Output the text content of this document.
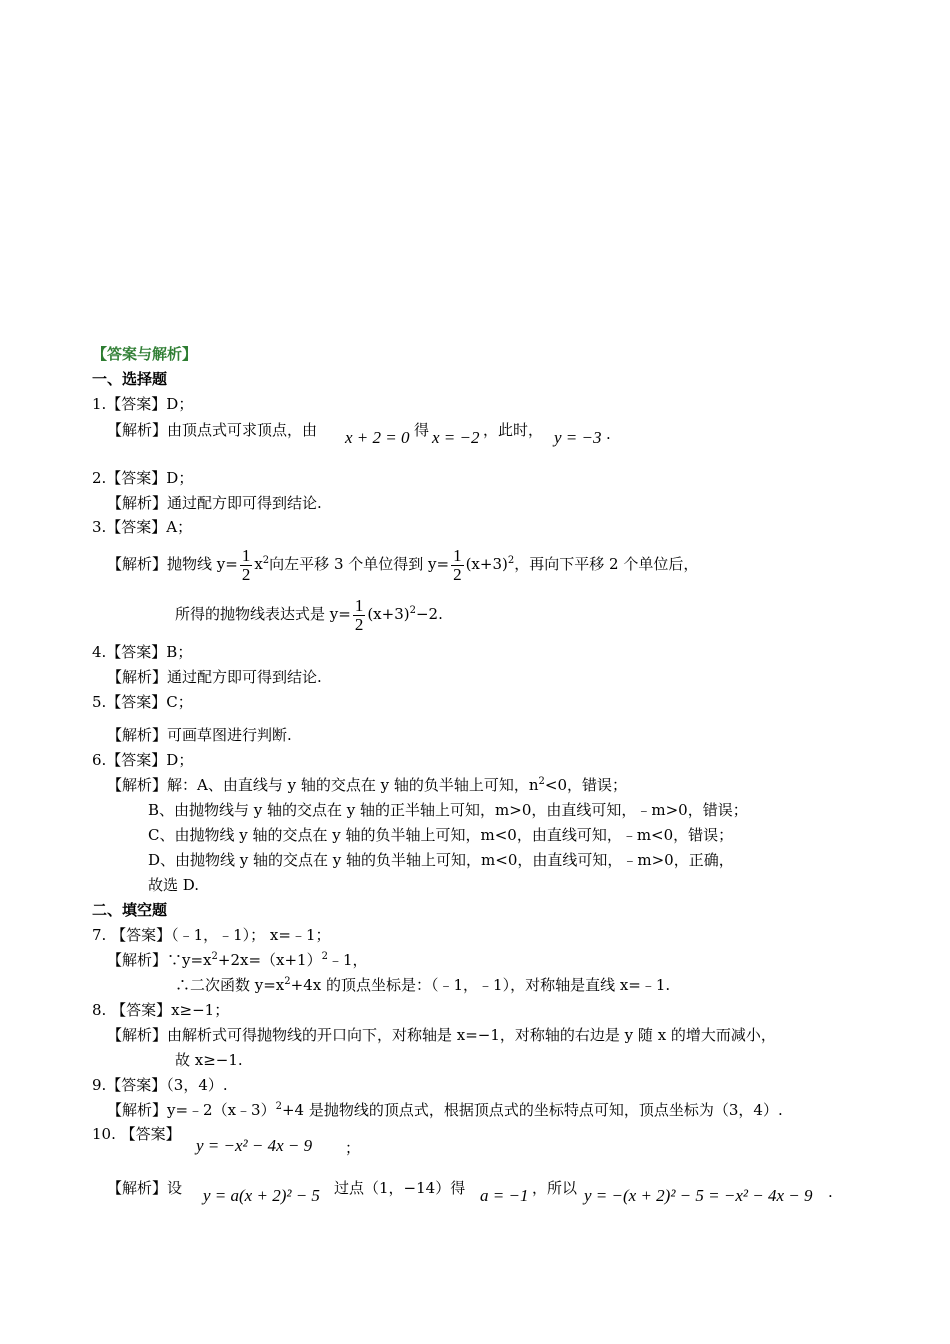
【答案与解析】
一、选择题
1.【答案】D；
【解析】由顶点式可求顶点，由 x + 2 = 0 得 x = −2 ，此时， y = −3 .
2.【答案】D；
【解析】通过配方即可得到结论.
3.【答案】A；
【解析】抛物线 $y= \frac{1}{2} x^2$向左平移 3 个单位得到 $y= \frac{1}{2} (x+3)^2$，再向下平移 2 个单位后，
所得的抛物线表达式是 $y= \frac{1}{2} (x+3)^2-2$.
4.【答案】B；
【解析】通过配方即可得到结论.
5.【答案】C；
【解析】可画草图进行判断.
6.【答案】D；
【解析】解：A、由直线与 y 轴的交点在 y 轴的负半轴上可知，$n^2<0$，错误；
B、由抛物线与 y 轴的交点在 y 轴的正半轴上可知，m>0，由直线可知，﹣m>0，错误；
C、由抛物线 y 轴的交点在 y 轴的负半轴上可知，m<0，由直线可知，﹣m<0，错误；
D、由抛物线 y 轴的交点在 y 轴的负半轴上可知，m<0，由直线可知，﹣m>0，正确，
故选 D.
二、填空题
7. 【答案】（﹣1，﹣1）； x=﹣1；
【解析】$\because y=x^2+2x=(x+1)^2﹣1$，
∴二次函数 $y=x^2+4x$ 的顶点坐标是：（﹣1，﹣1），对称轴是直线 x=﹣1.
8. 【答案】x≥−1；
【解析】由解析式可得抛物线的开口向下，对称轴是 x=−1，对称轴的右边是 y 随 x 的增大而减小，
故 x≥−1.
9.【答案】（3，4）.
【解析】y=﹣2（x﹣3）$^2$+4 是抛物线的顶点式，根据顶点式的坐标特点可知，顶点坐标为（3，4）.
10. 【答案】
y = −x² − 4x − 9 ；
【解析】设 y = a(x + 2)² − 5 过点（1，−14）得 a = −1 ，所以 y = −(x + 2)² − 5 = −x² − 4x − 9 .
